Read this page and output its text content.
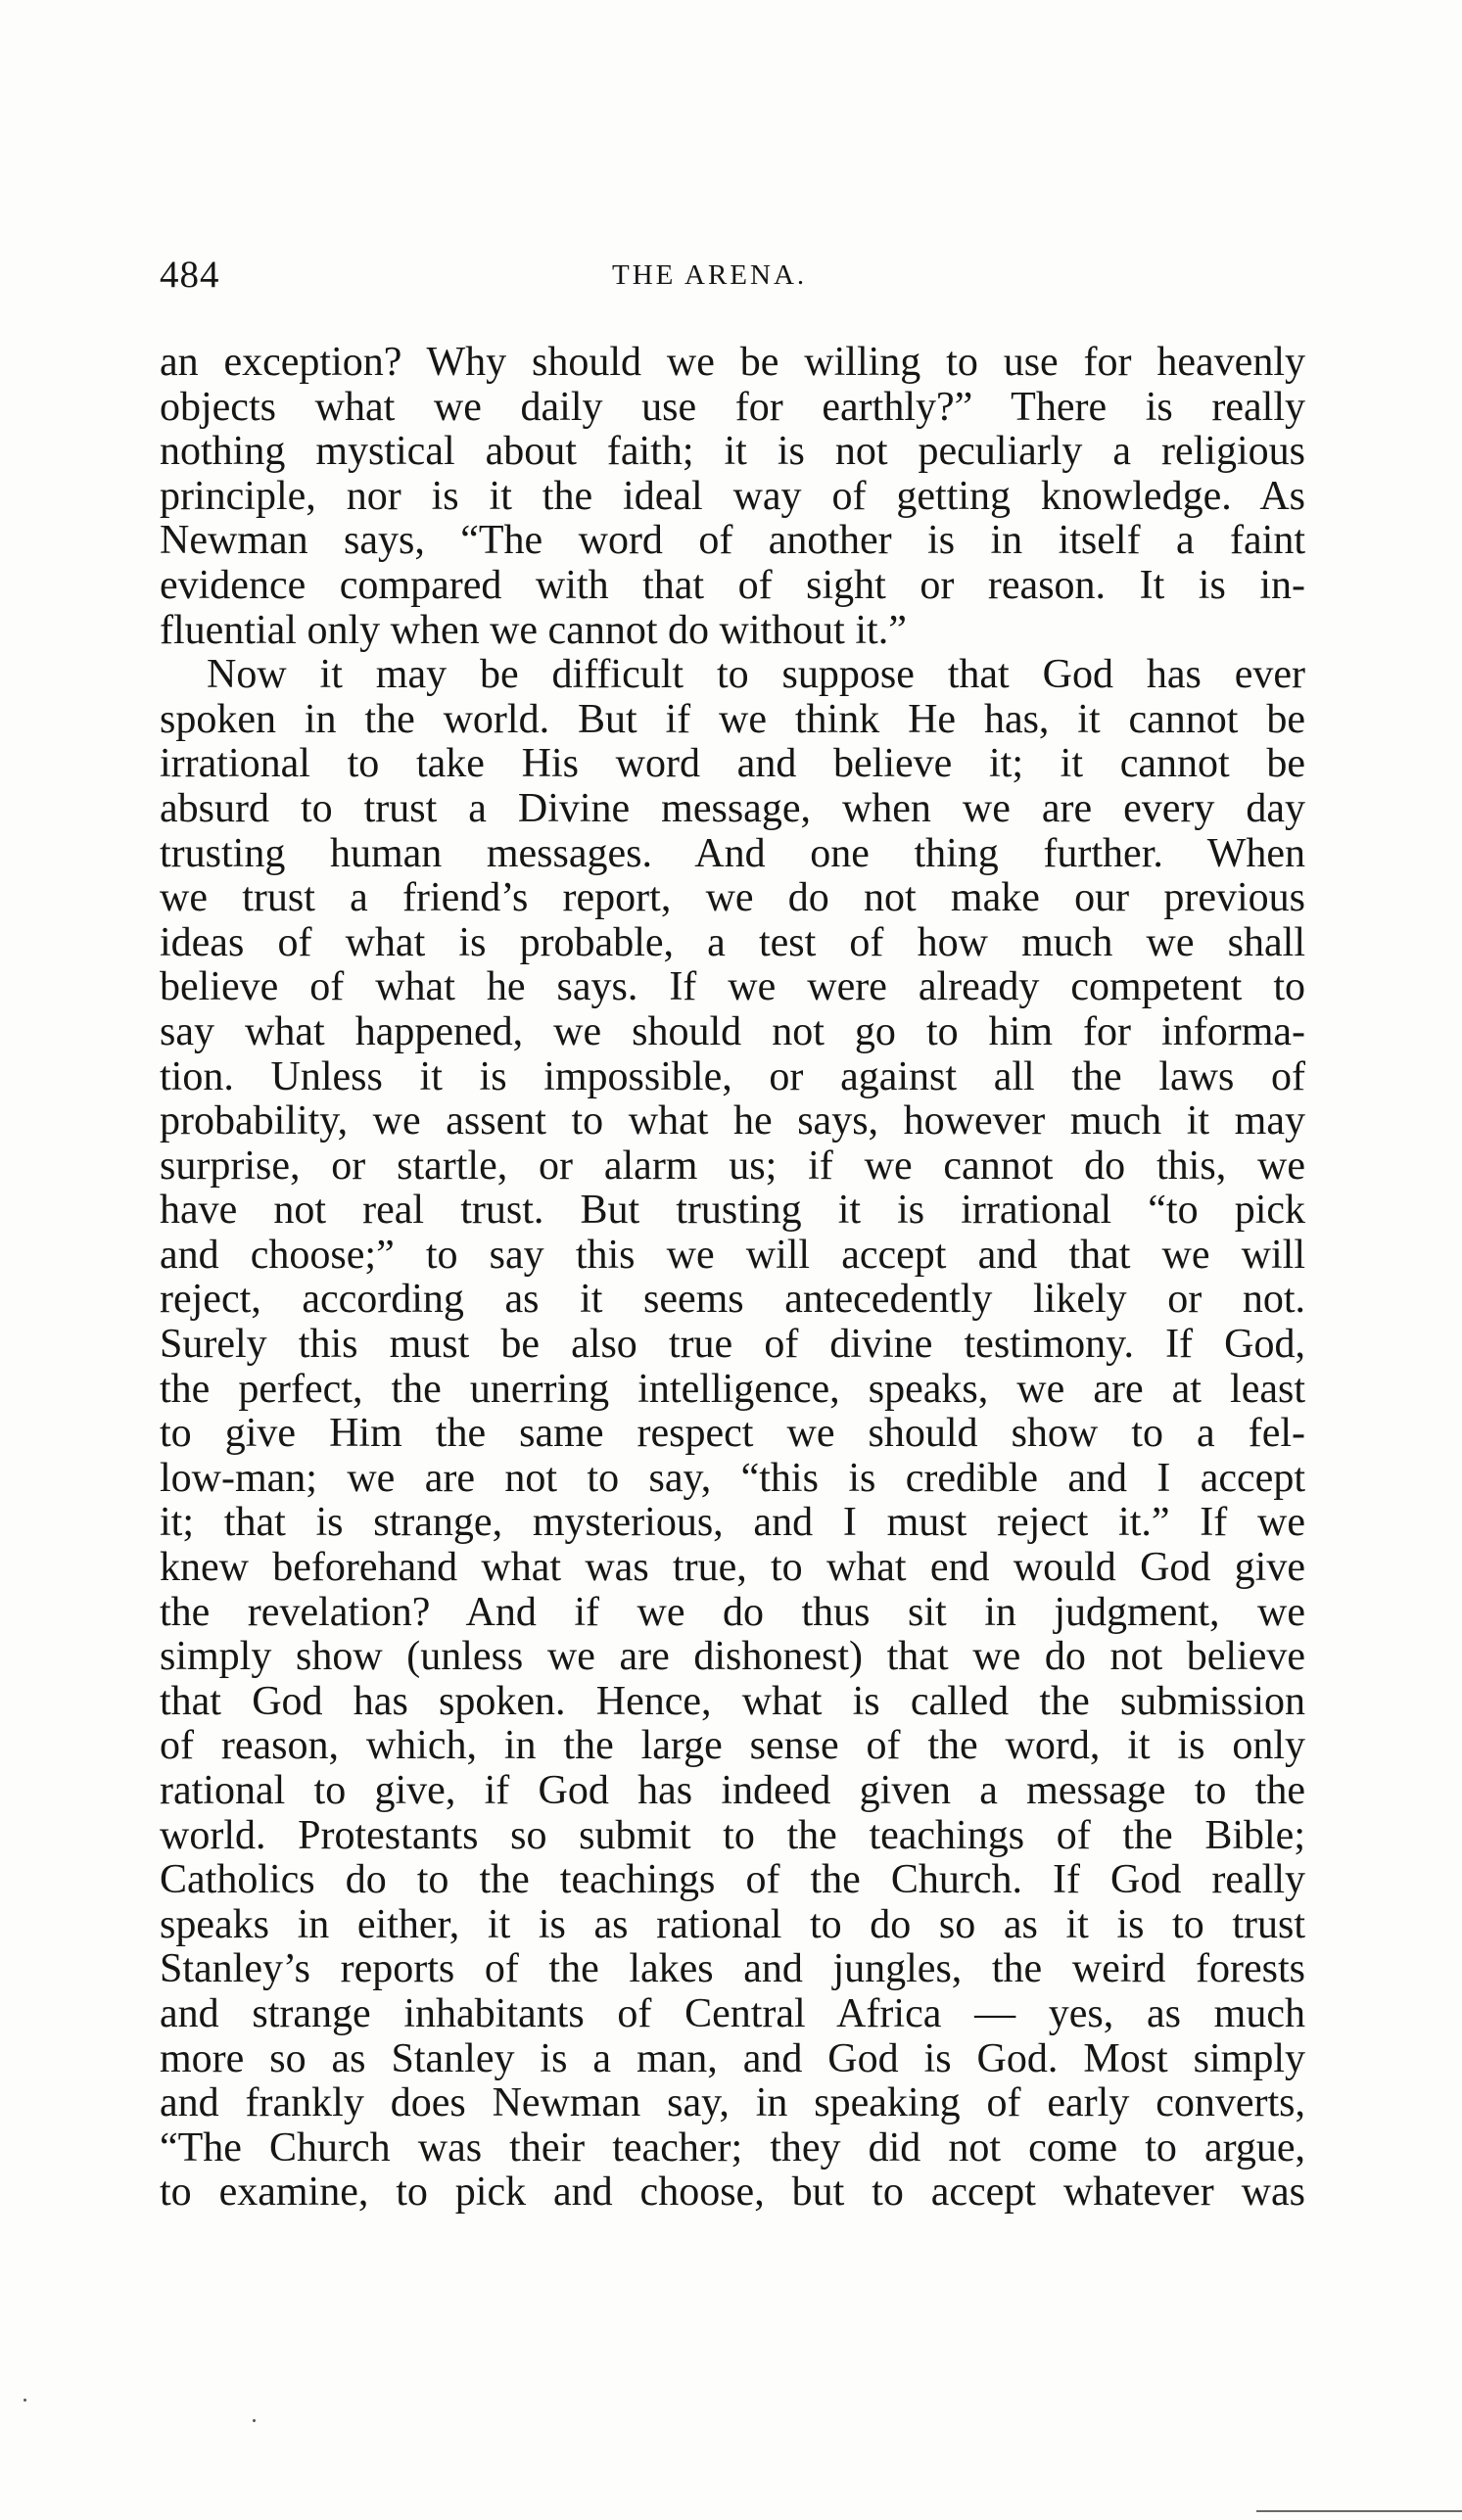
484	THE ARENA.
an exception? Why should we be willing to use for heavenly
objects what we daily use for earthly?” There is really
nothing mystical about faith; it is not peculiarly a religious
principle, nor is it the ideal way of getting knowledge. As
Newman says, “The word of another is in itself a faint
evidence compared with that of sight or reason. It is in-
fluential only when we cannot do without it.”
Now it may be difficult to suppose that God has ever
spoken in the world. But if we think He has, it cannot be
irrational to take His word and believe it; it cannot be
absurd to trust a Divine message, when we are every day
trusting human messages. And one thing further. When
we trust a friend’s report, we do not make our previous
ideas of what is probable, a test of how much we shall
believe of what he says. If we were already competent to
say what happened, we should not go to him for informa-
tion. Unless it is impossible, or against all the laws of
probability, we assent to what he says, however much it may
surprise, or startle, or alarm us; if we cannot do this, we
have not real trust. But trusting it is irrational “to pick
and choose;” to say this we will accept and that we will
reject, according as it seems antecedently likely or not.
Surely this must be also true of divine testimony. If God,
the perfect, the unerring intelligence, speaks, we are at least
to give Him the same respect we should show to a fel-
low-man; we are not to say, “this is credible and I accept
it; that is strange, mysterious, and I must reject it.” If we
knew beforehand what was true, to what end would God give
the revelation? And if we do thus sit in judgment, we
simply show (unless we are dishonest) that we do not believe
that God has spoken. Hence, what is called the submission
of reason, which, in the large sense of the word, it is only
rational to give, if God has indeed given a message to the
world. Protestants so submit to the teachings of the Bible;
Catholics do to the teachings of the Church. If God really
speaks in either, it is as rational to do so as it is to trust
Stanley’s reports of the lakes and jungles, the weird forests
and strange inhabitants of Central Africa — yes, as much
more so as Stanley is a man, and God is God. Most simply
and frankly does Newman say, in speaking of early converts,
“The Church was their teacher; they did not come to argue,
to examine, to pick and choose, but to accept whatever was
